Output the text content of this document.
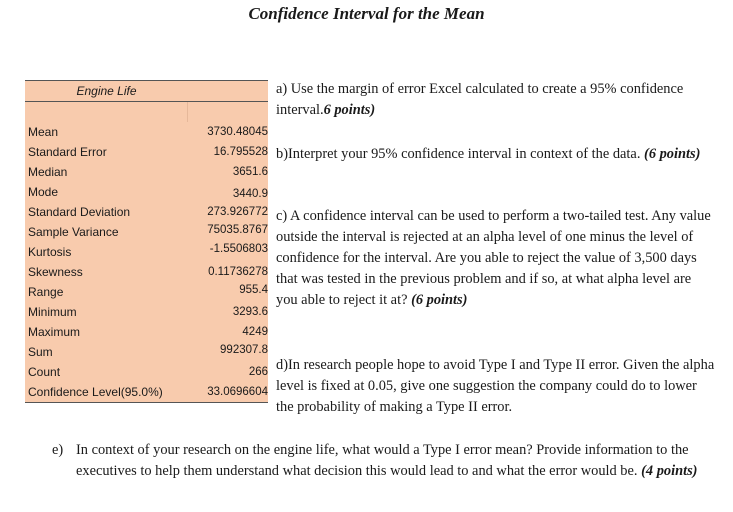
Confidence Interval for the Mean
Engine Life
Mean	3730.48045
Standard Error	16.795528
Median	3651.6
Mode	3440.9
Standard Deviation	273.926772
Sample Variance	75035.8767
Kurtosis	-1.5506803
Skewness	0.11736278
Range	955.4
Minimum	3293.6
Maximum	4249
Sum	992307.8
Count	266
Confidence Level(95.0%)	33.0696604
a) Use the margin of error Excel calculated to create a 95% confidence interval.6 points)
b)Interpret your 95% confidence interval in context of the data. (6 points)
c) A confidence interval can be used to perform a two-tailed test. Any value outside the interval is rejected at an alpha level of one minus the level of confidence for the interval. Are you able to reject the value of 3,500 days that was tested in the previous problem and if so, at what alpha level are you able to reject it at? (6 points)
d)In research people hope to avoid Type I and Type II error. Given the alpha level is fixed at 0.05, give one suggestion the company could do to lower the probability of making a Type II error.
e) In context of your research on the engine life, what would a Type I error mean? Provide information to the executives to help them understand what decision this would lead to and what the error would be. (4 points)
